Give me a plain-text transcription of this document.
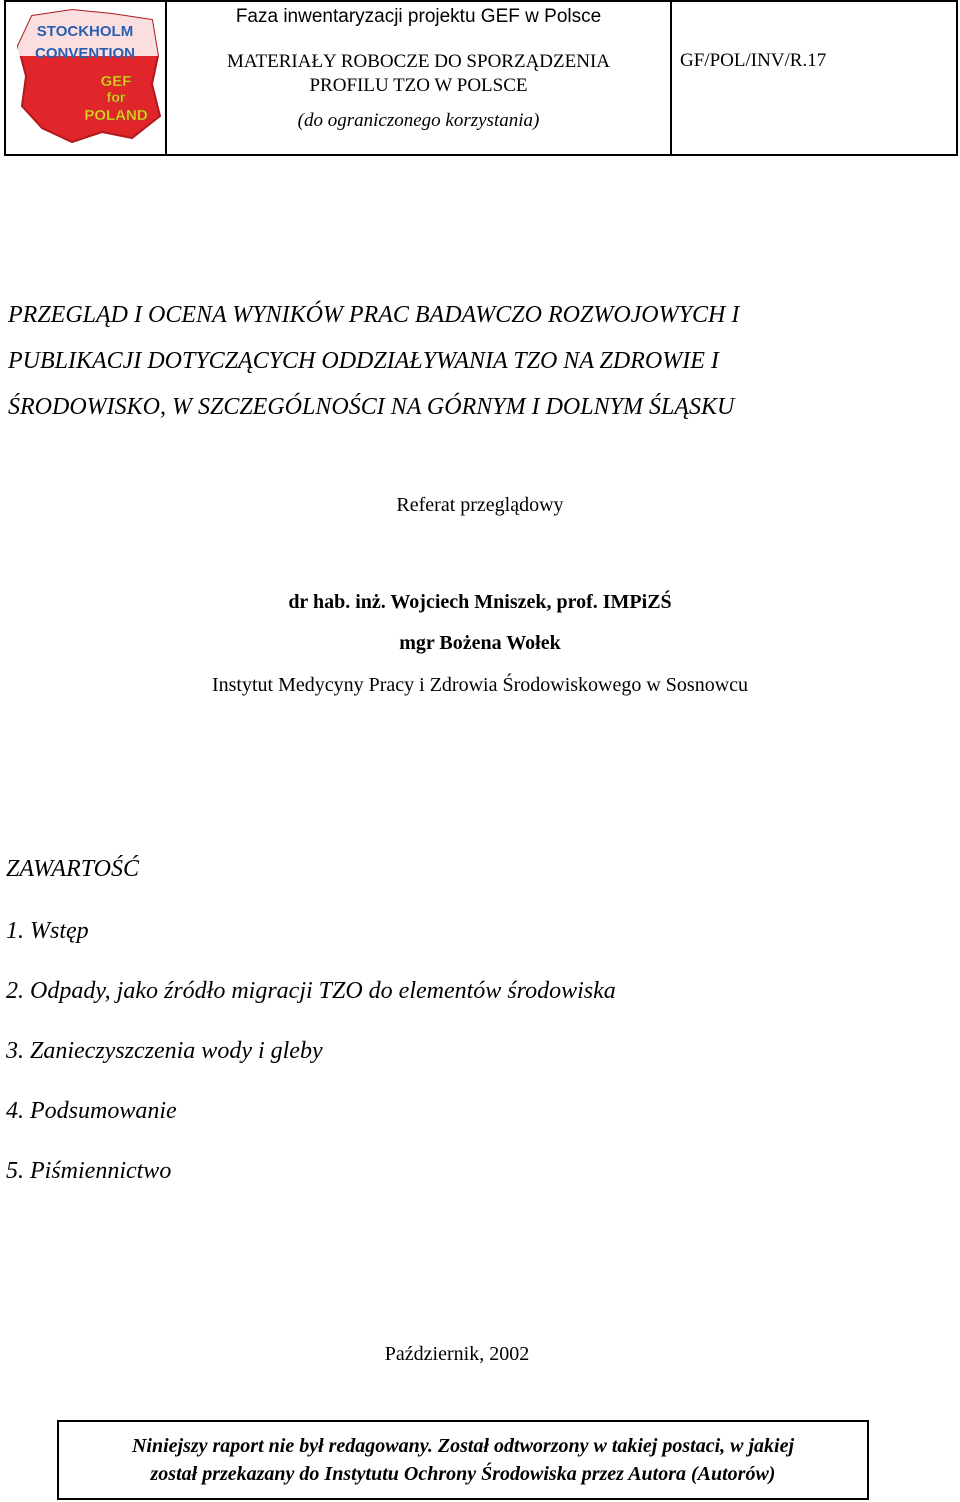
STOCKHOLM
CONVENTION
GEF
for
POLAND
Faza inwentaryzacji projektu GEF w Polsce
MATERIAŁY ROBOCZE DO SPORZĄDZENIA
PROFILU TZO W POLSCE
(do ograniczonego korzystania)
GF/POL/INV/R.17
PRZEGLĄD I OCENA WYNIKÓW PRAC BADAWCZO ROZWOJOWYCH I
PUBLIKACJI DOTYCZĄCYCH ODDZIAŁYWANIA TZO NA ZDROWIE I
ŚRODOWISKO, W SZCZEGÓLNOŚCI NA GÓRNYM I DOLNYM ŚLĄSKU
Referat przeglądowy
dr hab. inż. Wojciech Mniszek, prof. IMPiZŚ
mgr Bożena Wołek
Instytut Medycyny Pracy i Zdrowia Środowiskowego w Sosnowcu
ZAWARTOŚĆ
1. Wstęp
2. Odpady, jako źródło migracji TZO do elementów środowiska
3. Zanieczyszczenia wody i gleby
4. Podsumowanie
5. Piśmiennictwo
Październik, 2002
Niniejszy raport nie był redagowany. Został odtworzony w takiej postaci, w jakiej
został przekazany do Instytutu Ochrony Środowiska przez Autora (Autorów)
